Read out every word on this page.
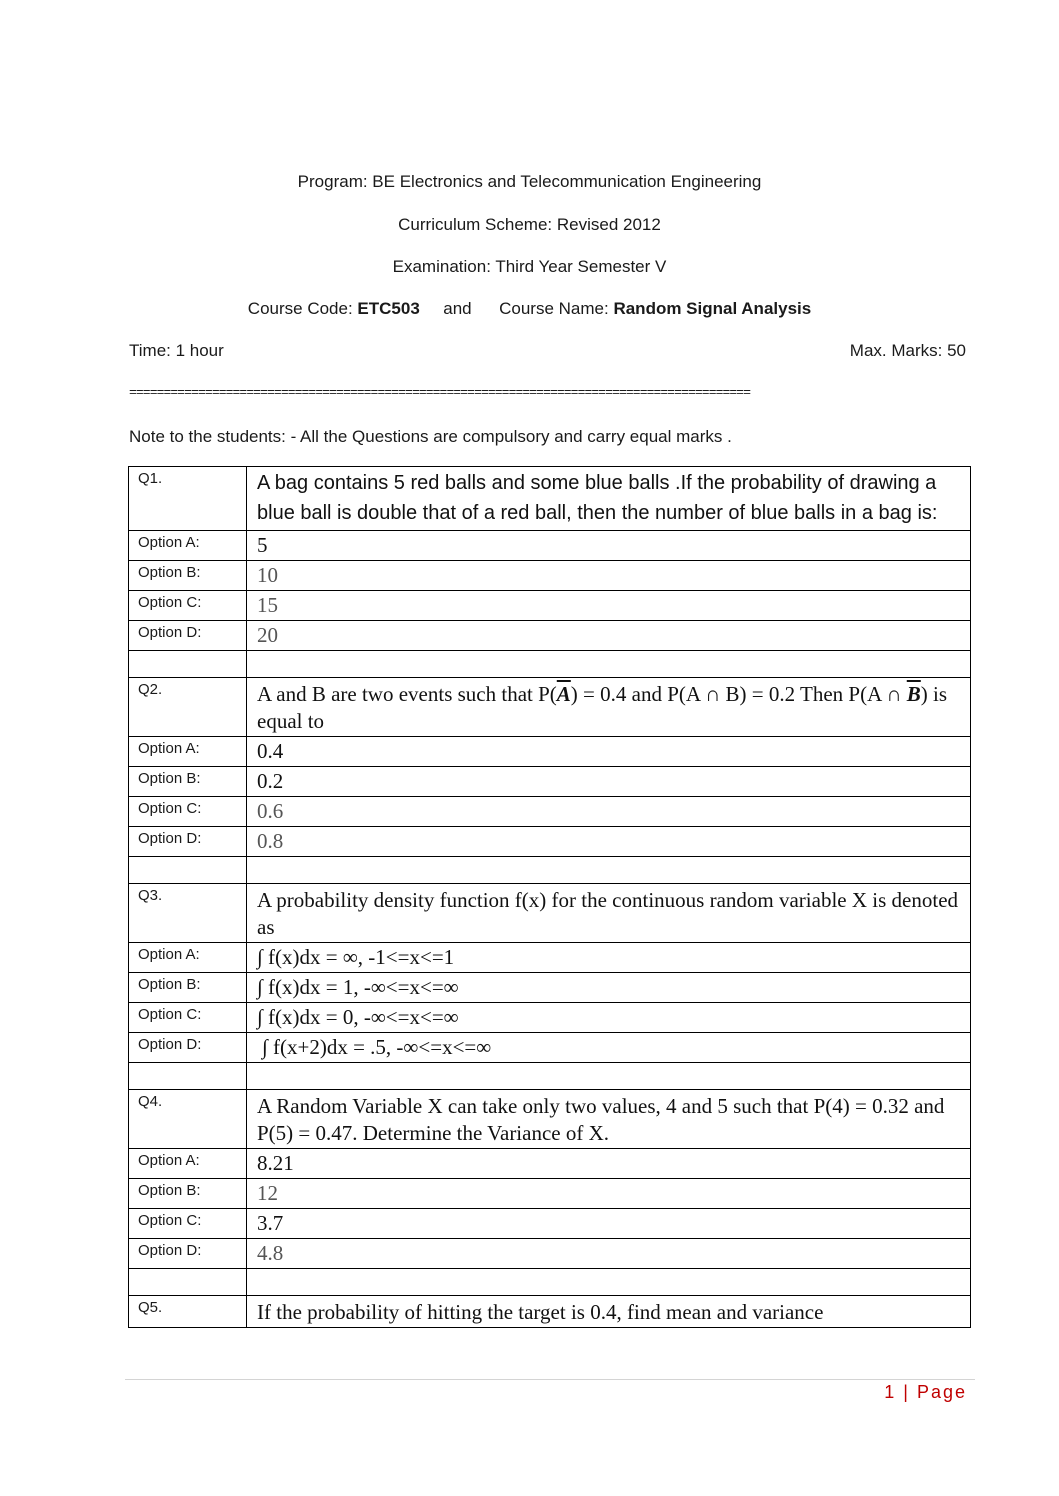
Program: BE Electronics and Telecommunication Engineering
Curriculum Scheme: Revised 2012
Examination: Third Year Semester V
Course Code: ETC503 and Course Name: Random Signal Analysis
Time: 1 hour	Max. Marks: 50
==========================================================================================
Note to the students: - All the Questions are compulsory and carry equal marks .
Q1.	A bag contains 5 red balls and some blue balls .If the probability of drawing a blue ball is double that of a red ball, then the number of blue balls in a bag is:
Option A:	5
Option B:	10
Option C:	15
Option D:	20

Q2.	A and B are two events such that $P(\overline{A}) = 0.4$ and P(A ∩ B) = 0.2 Then P(A ∩ $\overline{B}$) is equal to
Option A:	0.4
Option B:	0.2
Option C:	0.6
Option D:	0.8

Q3.	A probability density function f(x) for the continuous random variable X is denoted as
Option A:	∫ f(x)dx = ∞, -1<=x<=1
Option B:	∫ f(x)dx = 1, -∞<=x<=∞
Option C:	∫ f(x)dx = 0, -∞<=x<=∞
Option D:	∫ f(x+2)dx = .5, -∞<=x<=∞

Q4.	A Random Variable X can take only two values, 4 and 5 such that P(4) = 0.32 and P(5) = 0.47. Determine the Variance of X.
Option A:	8.21
Option B:	12
Option C:	3.7
Option D:	4.8

Q5.	If the probability of hitting the target is 0.4, find mean and variance
1 | Page
